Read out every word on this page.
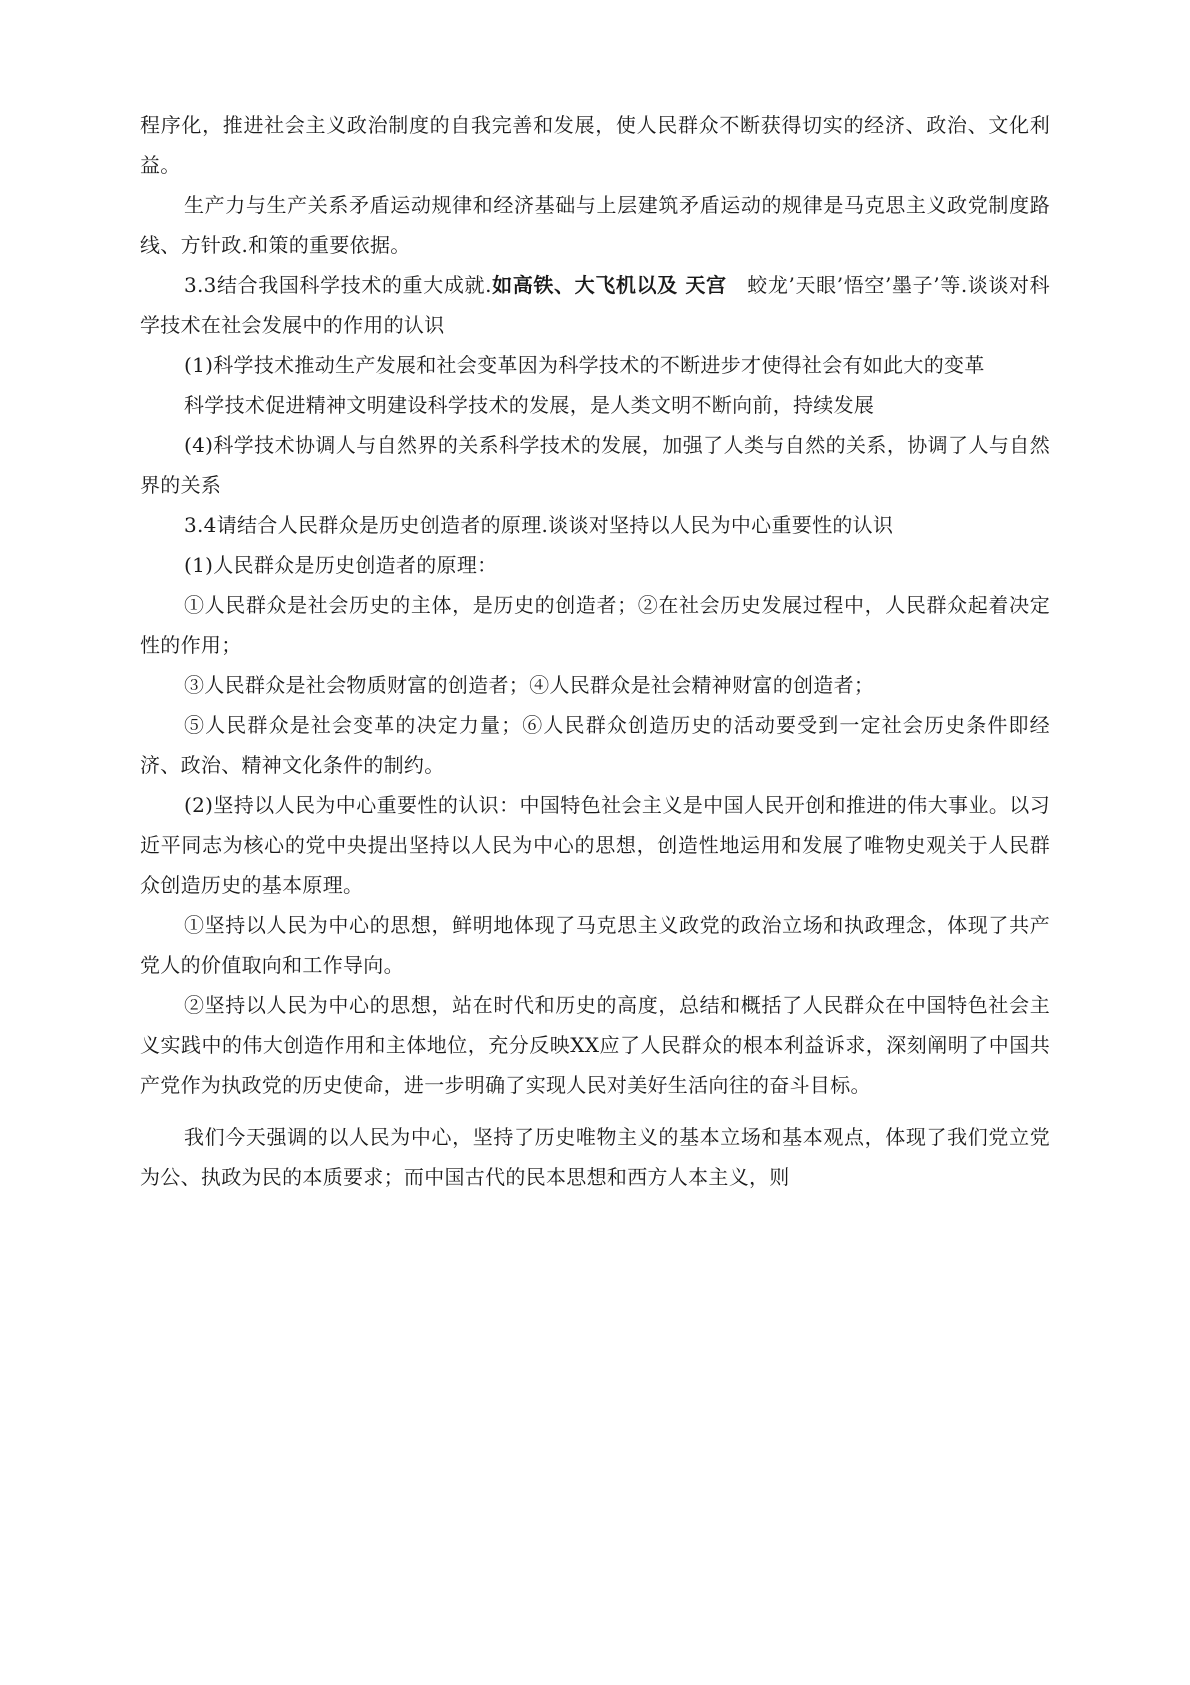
程序化，推进社会主义政治制度的自我完善和发展，使人民群众不断获得切实的经济、政治、文化利益。

生产力与生产关系矛盾运动规律和经济基础与上层建筑矛盾运动的规律是马克思主义政党制度路线、方针政.和策的重要依据。

3.3结合我国科学技术的重大成就.如高铁、大飞机以及 天宫　蛟龙’天眼’悟空’墨子’等.谈谈对科学技术在社会发展中的作用的认识

(1)科学技术推动生产发展和社会变革因为科学技术的不断进步才使得社会有如此大的变革

科学技术促进精神文明建设科学技术的发展，是人类文明不断向前，持续发展

(4)科学技术协调人与自然界的关系科学技术的发展，加强了人类与自然的关系，协调了人与自然界的关系

3.4请结合人民群众是历史创造者的原理.谈谈对坚持以人民为中心重要性的认识

(1)人民群众是历史创造者的原理：

①人民群众是社会历史的主体，是历史的创造者；②在社会历史发展过程中，人民群众起着决定性的作用；

③人民群众是社会物质财富的创造者；④人民群众是社会精神财富的创造者；

⑤人民群众是社会变革的决定力量；⑥人民群众创造历史的活动要受到一定社会历史条件即经济、政治、精神文化条件的制约。

(2)坚持以人民为中心重要性的认识：中国特色社会主义是中国人民开创和推进的伟大事业。以习近平同志为核心的党中央提出坚持以人民为中心的思想，创造性地运用和发展了唯物史观关于人民群众创造历史的基本原理。

①坚持以人民为中心的思想，鲜明地体现了马克思主义政党的政治立场和执政理念，体现了共产党人的价值取向和工作导向。

②坚持以人民为中心的思想，站在时代和历史的高度，总结和概括了人民群众在中国特色社会主义实践中的伟大创造作用和主体地位，充分反映XX应了人民群众的根本利益诉求，深刻阐明了中国共产党作为执政党的历史使命，进一步明确了实现人民对美好生活向往的奋斗目标。

我们今天强调的以人民为中心，坚持了历史唯物主义的基本立场和基本观点，体现了我们党立党为公、执政为民的本质要求；而中国古代的民本思想和西方人本主义，则
